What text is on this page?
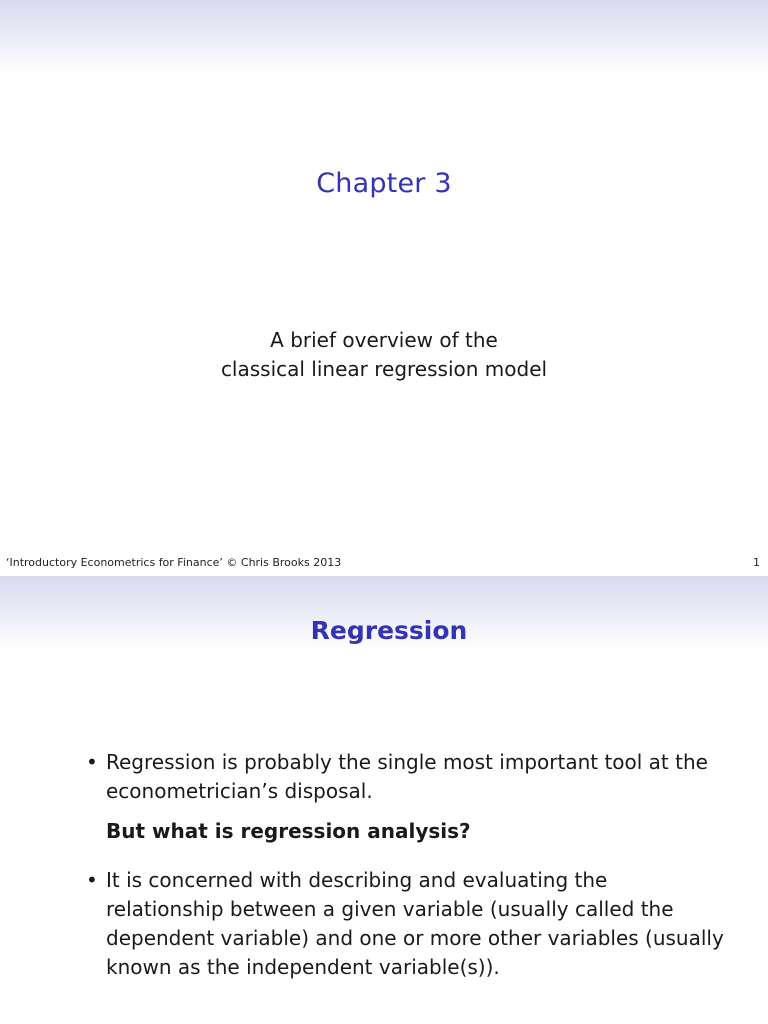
Chapter 3
A brief overview of the
classical linear regression model
‘Introductory Econometrics for Finance’ © Chris Brooks 2013	1
Regression
• Regression is probably the single most important tool at the econometrician’s disposal.
But what is regression analysis?
• It is concerned with describing and evaluating the relationship between a given variable (usually called the dependent variable) and one or more other variables (usually known as the independent variable(s)).
